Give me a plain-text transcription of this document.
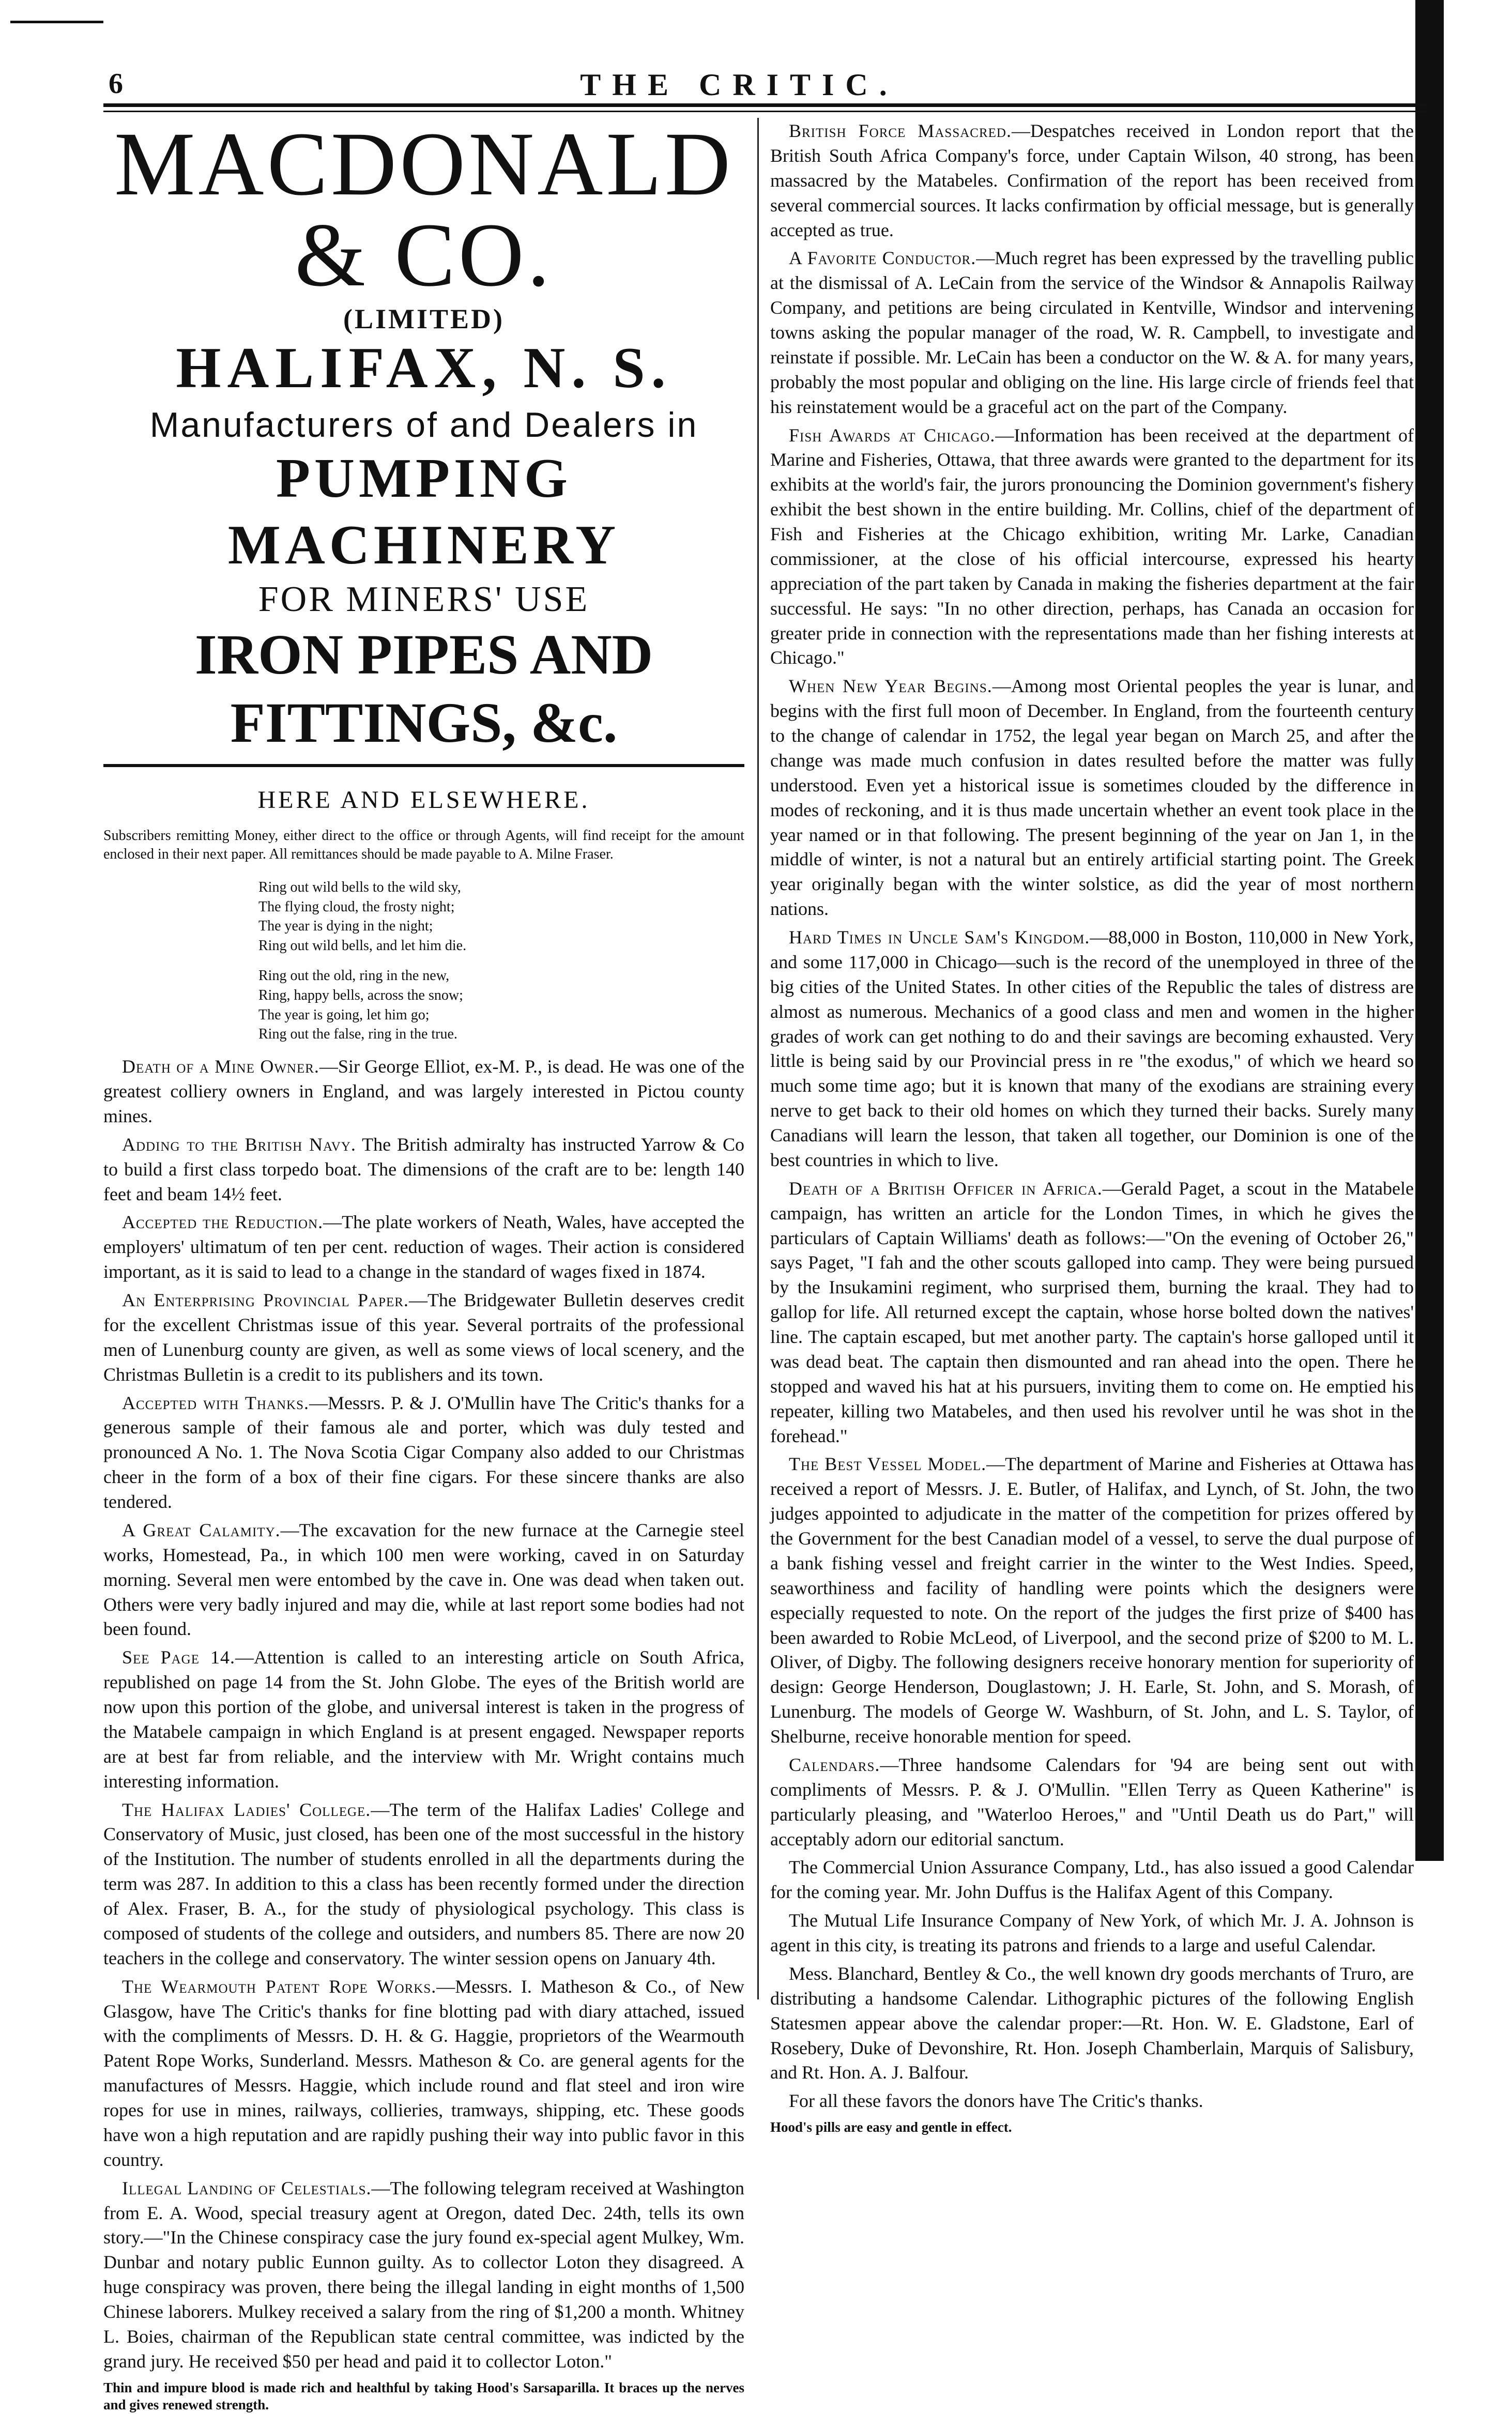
6	THE CRITIC.
MACDONALD & CO.
(LIMITED)
HALIFAX, N. S.
Manufacturers of and Dealers in
PUMPING MACHINERY
FOR MINERS' USE
IRON PIPES AND FITTINGS, &c.
HERE AND ELSEWHERE.

Subscribers remitting Money, either direct to the office or through Agents, will find receipt for the amount enclosed in their next paper. All remittances should be made payable to A. Milne Fraser.

Ring out wild bells to the wild sky,
The flying cloud, the frosty night;
The year is dying in the night;
Ring out wild bells, and let him die.

Ring out the old, ring in the new,
Ring, happy bells, across the snow;
The year is going, let him go;
Ring out the false, ring in the true.

Death of a Mine Owner.—Sir George Elliot, ex-M. P., is dead. He was one of the greatest colliery owners in England, and was largely interested in Pictou county mines.

Adding to the British Navy. The British admiralty has instructed Yarrow & Co to build a first class torpedo boat. The dimensions of the craft are to be: length 140 feet and beam 14½ feet.

Accepted the Reduction.—The plate workers of Neath, Wales, have accepted the employers' ultimatum of ten per cent. reduction of wages. Their action is considered important, as it is said to lead to a change in the standard of wages fixed in 1874.

An Enterprising Provincial Paper.—The Bridgewater Bulletin deserves credit for the excellent Christmas issue of this year. Several portraits of the professional men of Lunenburg county are given, as well as some views of local scenery, and the Christmas Bulletin is a credit to its publishers and its town.

Accepted with Thanks.—Messrs. P. & J. O'Mullin have The Critic's thanks for a generous sample of their famous ale and porter, which was duly tested and pronounced A No. 1. The Nova Scotia Cigar Company also added to our Christmas cheer in the form of a box of their fine cigars. For these sincere thanks are also tendered.

A Great Calamity.—The excavation for the new furnace at the Carnegie steel works, Homestead, Pa., in which 100 men were working, caved in on Saturday morning. Several men were entombed by the cave in. One was dead when taken out. Others were very badly injured and may die, while at last report some bodies had not been found.

See Page 14.—Attention is called to an interesting article on South Africa, republished on page 14 from the St. John Globe. The eyes of the British world are now upon this portion of the globe, and universal interest is taken in the progress of the Matabele campaign in which England is at present engaged. Newspaper reports are at best far from reliable, and the interview with Mr. Wright contains much interesting information.

The Halifax Ladies' College.—The term of the Halifax Ladies' College and Conservatory of Music, just closed, has been one of the most successful in the history of the Institution. The number of students enrolled in all the departments during the term was 287. In addition to this a class has been recently formed under the direction of Alex. Fraser, B. A., for the study of physiological psychology. This class is composed of students of the college and outsiders, and numbers 85. There are now 20 teachers in the college and conservatory. The winter session opens on January 4th.

The Wearmouth Patent Rope Works.—Messrs. I. Matheson & Co., of New Glasgow, have The Critic's thanks for fine blotting pad with diary attached, issued with the compliments of Messrs. D. H. & G. Haggie, proprietors of the Wearmouth Patent Rope Works, Sunderland. Messrs. Matheson & Co. are general agents for the manufactures of Messrs. Haggie, which include round and flat steel and iron wire ropes for use in mines, railways, collieries, tramways, shipping, etc. These goods have won a high reputation and are rapidly pushing their way into public favor in this country.

Illegal Landing of Celestials.—The following telegram received at Washington from E. A. Wood, special treasury agent at Oregon, dated Dec. 24th, tells its own story.—"In the Chinese conspiracy case the jury found ex-special agent Mulkey, Wm. Dunbar and notary public Eunnon guilty. As to collector Loton they disagreed. A huge conspiracy was proven, there being the illegal landing in eight months of 1,500 Chinese laborers. Mulkey received a salary from the ring of $1,200 a month. Whitney L. Boies, chairman of the Republican state central committee, was indicted by the grand jury. He received $50 per head and paid it to collector Loton."

Thin and impure blood is made rich and healthful by taking Hood's Sarsaparilla. It braces up the nerves and gives renewed strength.

British Force Massacred.—Despatches received in London report that the British South Africa Company's force, under Captain Wilson, 40 strong, has been massacred by the Matabeles. Confirmation of the report has been received from several commercial sources. It lacks confirmation by official message, but is generally accepted as true.

A Favorite Conductor.—Much regret has been expressed by the travelling public at the dismissal of A. LeCain from the service of the Windsor & Annapolis Railway Company, and petitions are being circulated in Kentville, Windsor and intervening towns asking the popular manager of the road, W. R. Campbell, to investigate and reinstate if possible. Mr. LeCain has been a conductor on the W. & A. for many years, probably the most popular and obliging on the line. His large circle of friends feel that his reinstatement would be a graceful act on the part of the Company.

Fish Awards at Chicago.—Information has been received at the department of Marine and Fisheries, Ottawa, that three awards were granted to the department for its exhibits at the world's fair, the jurors pronouncing the Dominion government's fishery exhibit the best shown in the entire building. Mr. Collins, chief of the department of Fish and Fisheries at the Chicago exhibition, writing Mr. Larke, Canadian commissioner, at the close of his official intercourse, expressed his hearty appreciation of the part taken by Canada in making the fisheries department at the fair successful. He says: "In no other direction, perhaps, has Canada an occasion for greater pride in connection with the representations made than her fishing interests at Chicago."

When New Year Begins.—Among most Oriental peoples the year is lunar, and begins with the first full moon of December. In England, from the fourteenth century to the change of calendar in 1752, the legal year began on March 25, and after the change was made much confusion in dates resulted before the matter was fully understood. Even yet a historical issue is sometimes clouded by the difference in modes of reckoning, and it is thus made uncertain whether an event took place in the year named or in that following. The present beginning of the year on Jan 1, in the middle of winter, is not a natural but an entirely artificial starting point. The Greek year originally began with the winter solstice, as did the year of most northern nations.

Hard Times in Uncle Sam's Kingdom.—88,000 in Boston, 110,000 in New York, and some 117,000 in Chicago—such is the record of the unemployed in three of the big cities of the United States. In other cities of the Republic the tales of distress are almost as numerous. Mechanics of a good class and men and women in the higher grades of work can get nothing to do and their savings are becoming exhausted. Very little is being said by our Provincial press in re "the exodus," of which we heard so much some time ago; but it is known that many of the exodians are straining every nerve to get back to their old homes on which they turned their backs. Surely many Canadians will learn the lesson, that taken all together, our Dominion is one of the best countries in which to live.

Death of a British Officer in Africa.—Gerald Paget, a scout in the Matabele campaign, has written an article for the London Times, in which he gives the particulars of Captain Williams' death as follows:—"On the evening of October 26," says Paget, "I fah and the other scouts galloped into camp. They were being pursued by the Insukamini regiment, who surprised them, burning the kraal. They had to gallop for life. All returned except the captain, whose horse bolted down the natives' line. The captain escaped, but met another party. The captain's horse galloped until it was dead beat. The captain then dismounted and ran ahead into the open. There he stopped and waved his hat at his pursuers, inviting them to come on. He emptied his repeater, killing two Matabeles, and then used his revolver until he was shot in the forehead."

The Best Vessel Model.—The department of Marine and Fisheries at Ottawa has received a report of Messrs. J. E. Butler, of Halifax, and Lynch, of St. John, the two judges appointed to adjudicate in the matter of the competition for prizes offered by the Government for the best Canadian model of a vessel, to serve the dual purpose of a bank fishing vessel and freight carrier in the winter to the West Indies. Speed, seaworthiness and facility of handling were points which the designers were especially requested to note. On the report of the judges the first prize of $400 has been awarded to Robie McLeod, of Liverpool, and the second prize of $200 to M. L. Oliver, of Digby. The following designers receive honorary mention for superiority of design: George Henderson, Douglastown; J. H. Earle, St. John, and S. Morash, of Lunenburg. The models of George W. Washburn, of St. John, and L. S. Taylor, of Shelburne, receive honorable mention for speed.

Calendars.—Three handsome Calendars for '94 are being sent out with compliments of Messrs. P. & J. O'Mullin. "Ellen Terry as Queen Katherine" is particularly pleasing, and "Waterloo Heroes," and "Until Death us do Part," will acceptably adorn our editorial sanctum.

The Commercial Union Assurance Company, Ltd., has also issued a good Calendar for the coming year. Mr. John Duffus is the Halifax Agent of this Company.

The Mutual Life Insurance Company of New York, of which Mr. J. A. Johnson is agent in this city, is treating its patrons and friends to a large and useful Calendar.

Mess. Blanchard, Bentley & Co., the well known dry goods merchants of Truro, are distributing a handsome Calendar. Lithographic pictures of the following English Statesmen appear above the calendar proper:—Rt. Hon. W. E. Gladstone, Earl of Rosebery, Duke of Devonshire, Rt. Hon. Joseph Chamberlain, Marquis of Salisbury, and Rt. Hon. A. J. Balfour.

For all these favors the donors have The Critic's thanks.

Hood's pills are easy and gentle in effect.
